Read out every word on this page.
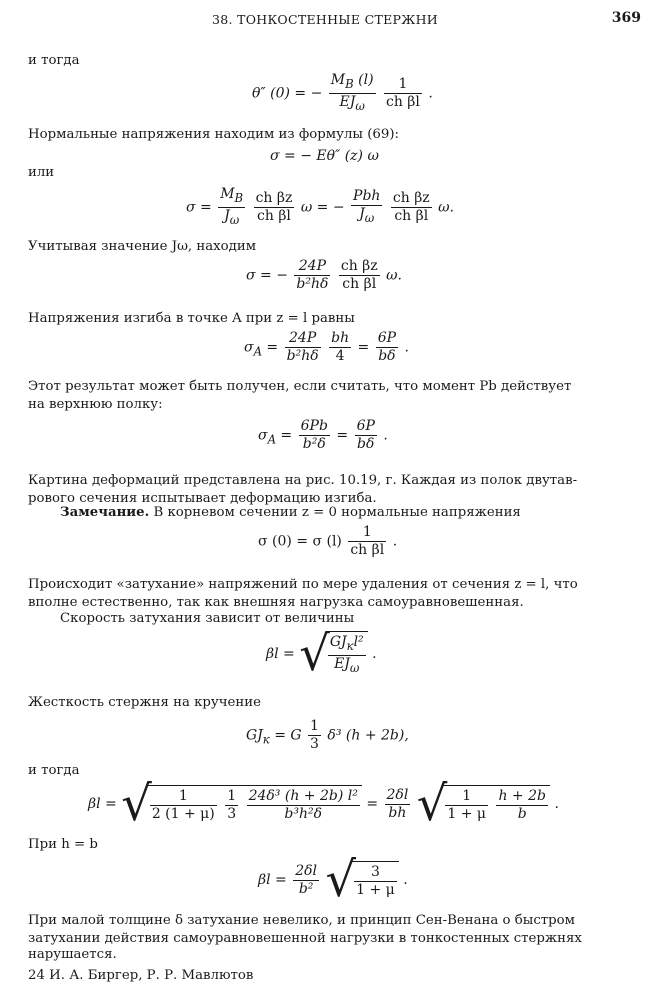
38. ТОНКОСТЕННЫЕ СТЕРЖНИ	369
и тогда
θ″ (0) = − $\frac{M_B (l)}{EJ_\omega}$
$\frac{1}{\text{ch βl}}$ .
Нормальные напряжения находим из формулы (69):
σ = − Eθ″ (z) ω
или
$\sigma = \frac{M_B}{J_\omega}$
$\frac{\text{ch βz}}{\text{ch βl}}$ ω = − $\frac{\text{Pbh}}{J_\omega}$
$\frac{\text{ch βz}}{\text{ch βl}} \omega$.
Учитывая значение Jω, находим
σ = − $\frac{24P}{\text{b²hδ}}$
$\frac{\text{ch βz}}{\text{ch βl}} \omega$.
Напряжения изгиба в точке A при z = l равны
$\sigma_A = \frac{24P}{\text{b²hδ}}$
$\frac{bh}{4} = \frac{6P}{b\delta}$ .
Этот результат может быть получен, если считать, что момент Pb действует
на верхнюю полку:
$\sigma_A = \frac{6Pb}{\text{b²δ}} = \frac{6P}{b\delta}$ .
Картина деформаций представлена на рис. 10.19, г. Каждая из полок двутав-
рового сечения испытывает деформацию изгиба.
Замечание. В корневом сечении z = 0 нормальные напряжения
σ (0) = σ $(l) \frac{1}{\text{ch βl}}$ .
Происходит «затухание» напряжений по мере удаления от сечения z = l, что
вполне естественно, так как внешняя нагрузка самоуравновешенная.
Скорость затухания зависит от величины
βl = √
$\frac{GJ_кl^2}{EJ_\omega}$ .
Жесткость стержня на кручение
$GJ_к = G \frac{1}{3} \delta^3$ (h + 2b),
и тогда
βl = √
$\frac{1}{2 (1 + \mu)}$
$\frac{1}{3}$
$\frac{\text{24δ³ (h + 2b) l²}}{\text{b³h²δ}} = \frac{2\delta l}{bh}$ √
$\frac{1}{1 + \mu}$
$\frac{h + 2b}{b}$ .
При h = b
$\beta l = \frac{2\delta l}{\text{b²}}$ √
$\frac{3}{1 + \mu}$ .
При малой толщине δ затухание невелико, и принцип Сен-Венана о быстром
затухании действия самоуравновешенной нагрузки в тонкостенных стержнях
нарушается.
24 И. А. Биргер, Р. Р. Мавлютов
